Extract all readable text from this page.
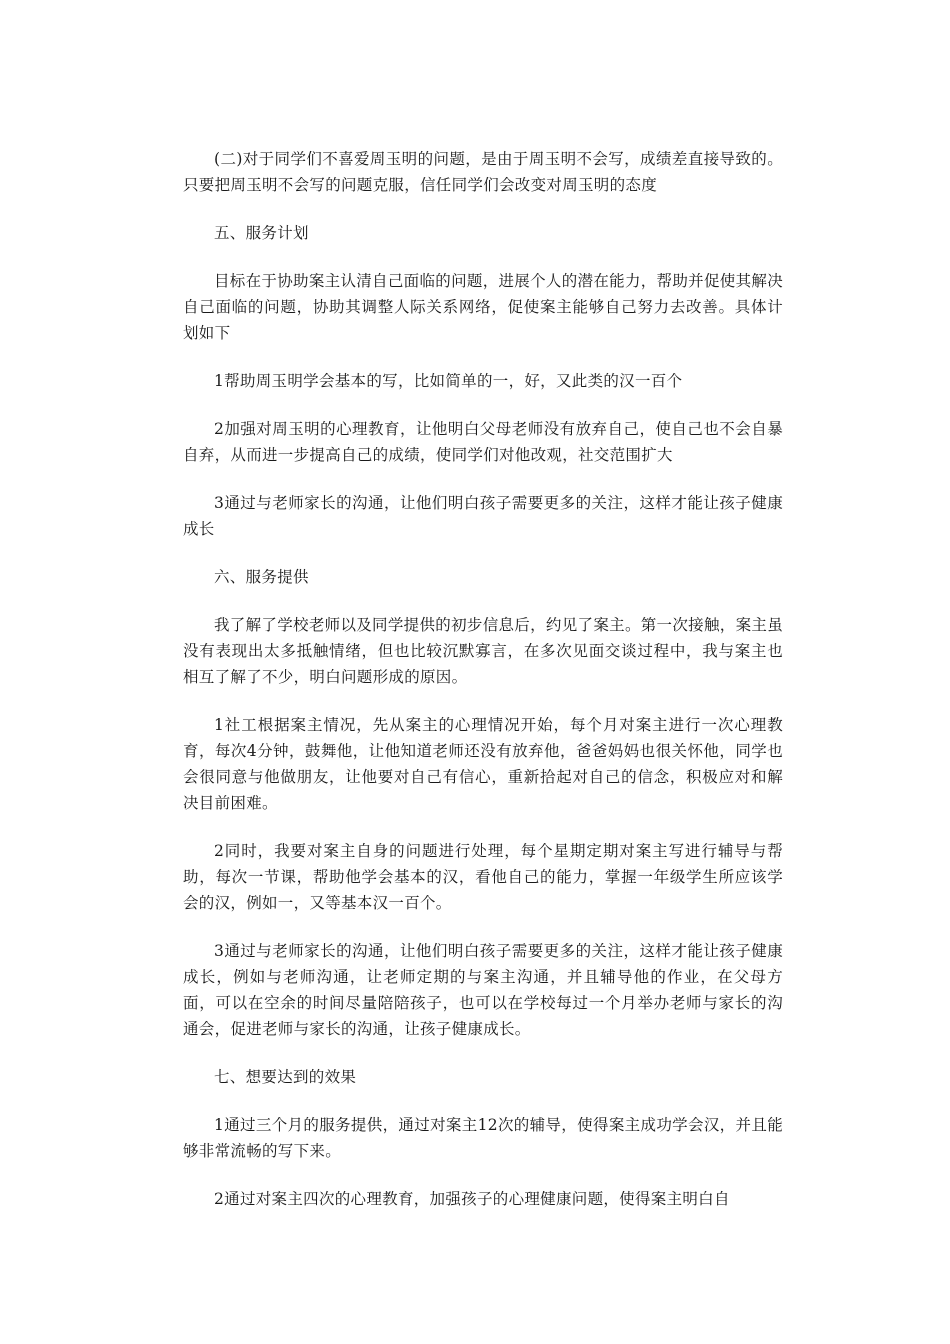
(二)对于同学们不喜爱周玉明的问题，是由于周玉明不会写，成绩差直接导致的。只要把周玉明不会写的问题克服，信任同学们会改变对周玉明的态度

五、服务计划

目标在于协助案主认清自己面临的问题，进展个人的潜在能力，帮助并促使其解决自己面临的问题，协助其调整人际关系网络，促使案主能够自己努力去改善。具体计划如下

1帮助周玉明学会基本的写，比如简单的一，好，又此类的汉一百个

2加强对周玉明的心理教育，让他明白父母老师没有放弃自己，使自己也不会自暴自弃，从而进一步提高自己的成绩，使同学们对他改观，社交范围扩大

3通过与老师家长的沟通，让他们明白孩子需要更多的关注，这样才能让孩子健康成长

六、服务提供

我了解了学校老师以及同学提供的初步信息后，约见了案主。第一次接触，案主虽没有表现出太多抵触情绪，但也比较沉默寡言，在多次见面交谈过程中，我与案主也相互了解了不少，明白问题形成的原因。

1社工根据案主情况，先从案主的心理情况开始，每个月对案主进行一次心理教育，每次4分钟，鼓舞他，让他知道老师还没有放弃他，爸爸妈妈也很关怀他，同学也会很同意与他做朋友，让他要对自己有信心，重新拾起对自己的信念，积极应对和解决目前困难。

2同时，我要对案主自身的问题进行处理，每个星期定期对案主写进行辅导与帮助，每次一节课，帮助他学会基本的汉，看他自己的能力，掌握一年级学生所应该学会的汉，例如一，又等基本汉一百个。

3通过与老师家长的沟通，让他们明白孩子需要更多的关注，这样才能让孩子健康成长，例如与老师沟通，让老师定期的与案主沟通，并且辅导他的作业，在父母方面，可以在空余的时间尽量陪陪孩子，也可以在学校每过一个月举办老师与家长的沟通会，促进老师与家长的沟通，让孩子健康成长。

七、想要达到的效果

1通过三个月的服务提供，通过对案主12次的辅导，使得案主成功学会汉，并且能够非常流畅的写下来。

2通过对案主四次的心理教育，加强孩子的心理健康问题，使得案主明白自
